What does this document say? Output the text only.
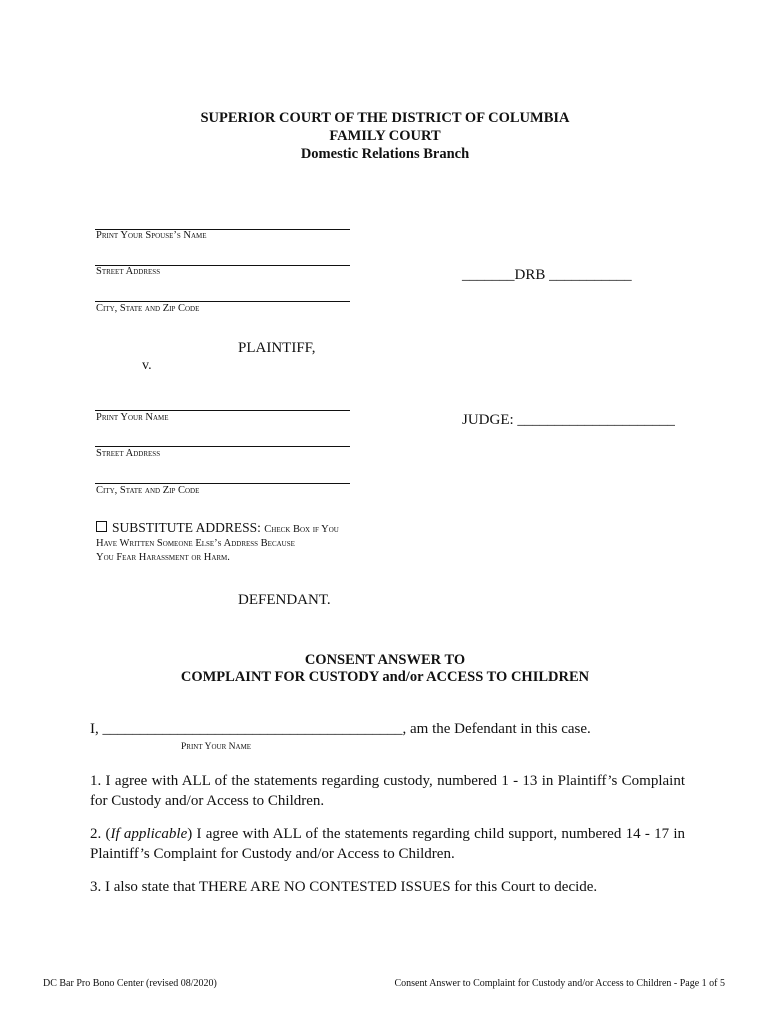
SUPERIOR COURT OF THE DISTRICT OF COLUMBIA
FAMILY COURT
Domestic Relations Branch
Print Your Spouse’s Name
Street Address
City, State and Zip Code
_______DRB ___________
PLAINTIFF,
v.
Print Your Name	JUDGE: _____________________
Street Address
City, State and Zip Code
SUBSTITUTE ADDRESS: Check Box if You
Have Written Someone Else’s Address Because
You Fear Harassment or Harm.
DEFENDANT.
CONSENT ANSWER TO
COMPLAINT FOR CUSTODY and/or ACCESS TO CHILDREN
I, ________________________________________, am the Defendant in this case.
Print Your Name
1. I agree with ALL of the statements regarding custody, numbered 1 - 13 in Plaintiff’s Complaint for Custody and/or Access to Children.
2. (If applicable) I agree with ALL of the statements regarding child support, numbered 14 - 17 in Plaintiff’s Complaint for Custody and/or Access to Children.
3. I also state that THERE ARE NO CONTESTED ISSUES for this Court to decide.
DC Bar Pro Bono Center (revised 08/2020)	Consent Answer to Complaint for Custody and/or Access to Children - Page 1 of 5
